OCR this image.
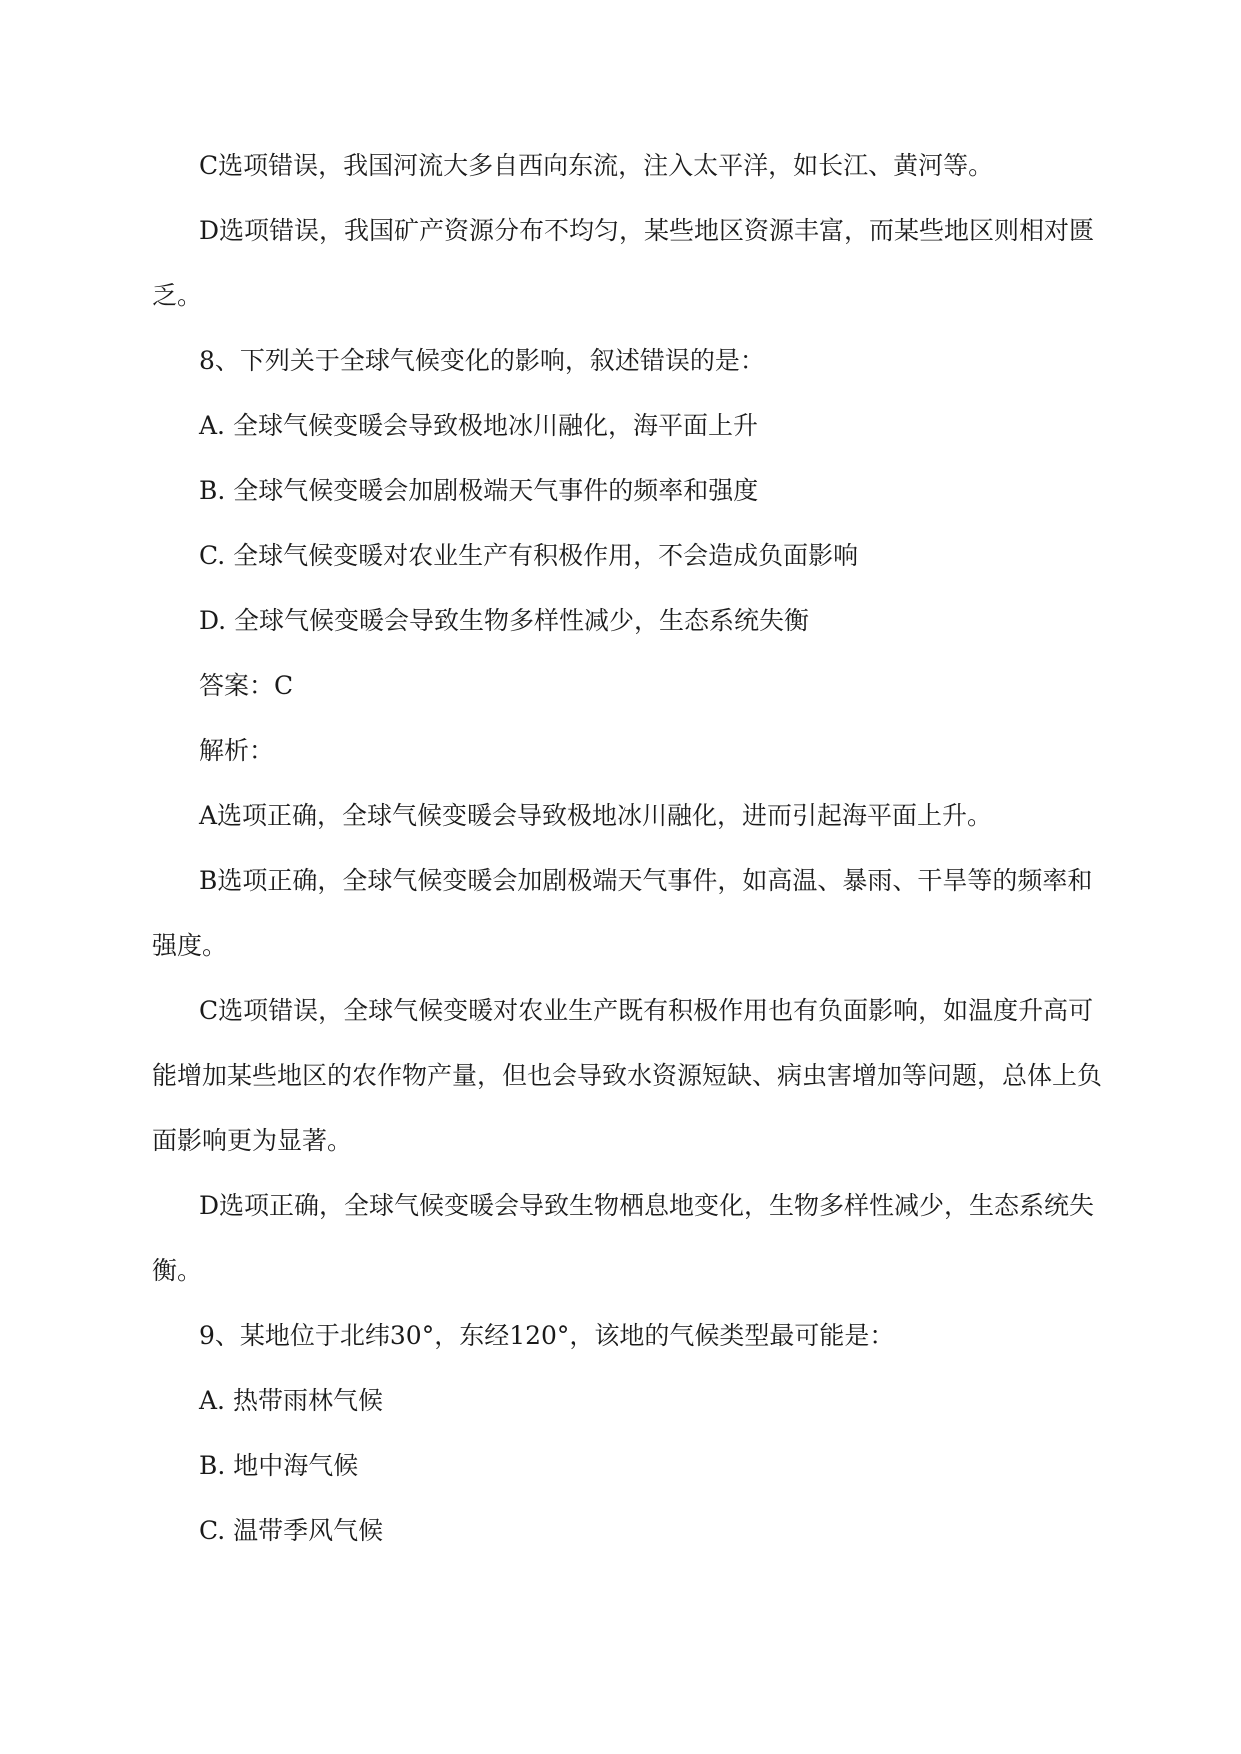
C选项错误，我国河流大多自西向东流，注入太平洋，如长江、黄河等。
D选项错误，我国矿产资源分布不均匀，某些地区资源丰富，而某些地区则相对匮
乏。
8、下列关于全球气候变化的影响，叙述错误的是：
A. 全球气候变暖会导致极地冰川融化，海平面上升
B. 全球气候变暖会加剧极端天气事件的频率和强度
C. 全球气候变暖对农业生产有积极作用，不会造成负面影响
D. 全球气候变暖会导致生物多样性减少，生态系统失衡
答案：C
解析：
A选项正确，全球气候变暖会导致极地冰川融化，进而引起海平面上升。
B选项正确，全球气候变暖会加剧极端天气事件，如高温、暴雨、干旱等的频率和
强度。
C选项错误，全球气候变暖对农业生产既有积极作用也有负面影响，如温度升高可
能增加某些地区的农作物产量，但也会导致水资源短缺、病虫害增加等问题，总体上负
面影响更为显著。
D选项正确，全球气候变暖会导致生物栖息地变化，生物多样性减少，生态系统失
衡。
9、某地位于北纬30°，东经120°，该地的气候类型最可能是：
A. 热带雨林气候
B. 地中海气候
C. 温带季风气候
